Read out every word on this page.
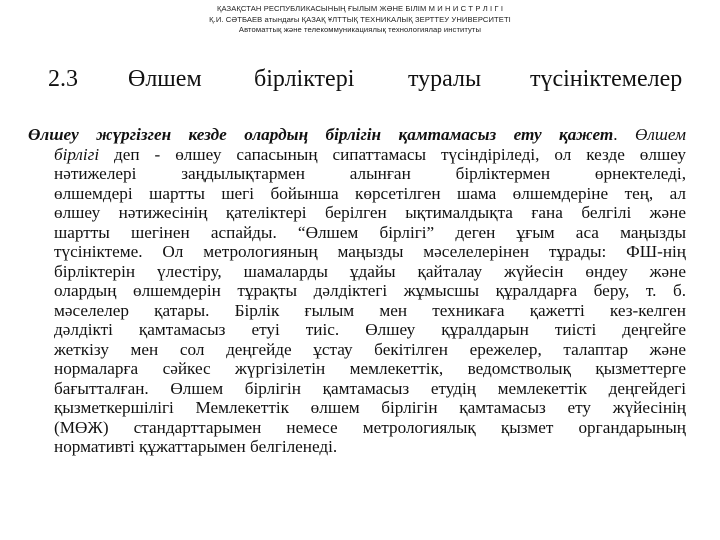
ҚАЗАҚСТАН РЕСПУБЛИКАСЫНЫҢ ҒЫЛЫМ ЖӘНЕ БІЛІМ М И Н И С Т Р Л І Г І
Қ.И. СӘТБАЕВ атындағы ҚАЗАҚ ҰЛТТЫҚ ТЕХНИКАЛЫҚ ЗЕРТТЕУ УНИВЕРСИТЕТІ
Автоматтық және телекоммуникациялық технологиялар институты
2.3 Өлшем бірліктері туралы түсініктемелер
Өлшеу жүргізген кезде олардың бірлігін қамтамасыз ету қажет. Өлшем
бірлігі деп - өлшеу сапасының сипаттамасы түсіндіріледі, ол кезде өлшеу
нәтижелері заңдылықтармен алынған бірліктермен өрнектеледі,
өлшемдері шартты шегі бойынша көрсетілген шама өлшемдеріне тең, ал
өлшеу нәтижесінің қателіктері берілген ықтималдықта ғана белгілі және
шартты шегінен аспайды. “Өлшем бірлігі” деген ұғым аса маңызды
түсініктеме. Ол метрологияның маңызды мәселелерінен тұрады: ФШ-нің
бірліктерін үлестіру, шамаларды ұдайы қайталау жүйесін өндеу және
олардың өлшемдерін тұрақты дәлдіктегі жұмысшы құралдарға беру, т. б.
мәселелер қатары. Бірлік ғылым мен техникаға қажетті кез-келген
дәлдікті қамтамасыз етуі тиіс. Өлшеу құралдарын тиісті деңгейге
жеткізу мен сол деңгейде ұстау бекітілген ережелер, талаптар және
нормаларға сәйкес жүргізілетін мемлекеттік, ведомстволық қызметтерге
бағытталған. Өлшем бірлігін қамтамасыз етудің мемлекеттік деңгейдегі
қызметкершілігі Мемлекеттік өлшем бірлігін қамтамасыз ету жүйесінің
(МӨЖ) стандарттарымен немесе метрологиялық қызмет органдарының
нормативті құжаттарымен белгіленеді.
